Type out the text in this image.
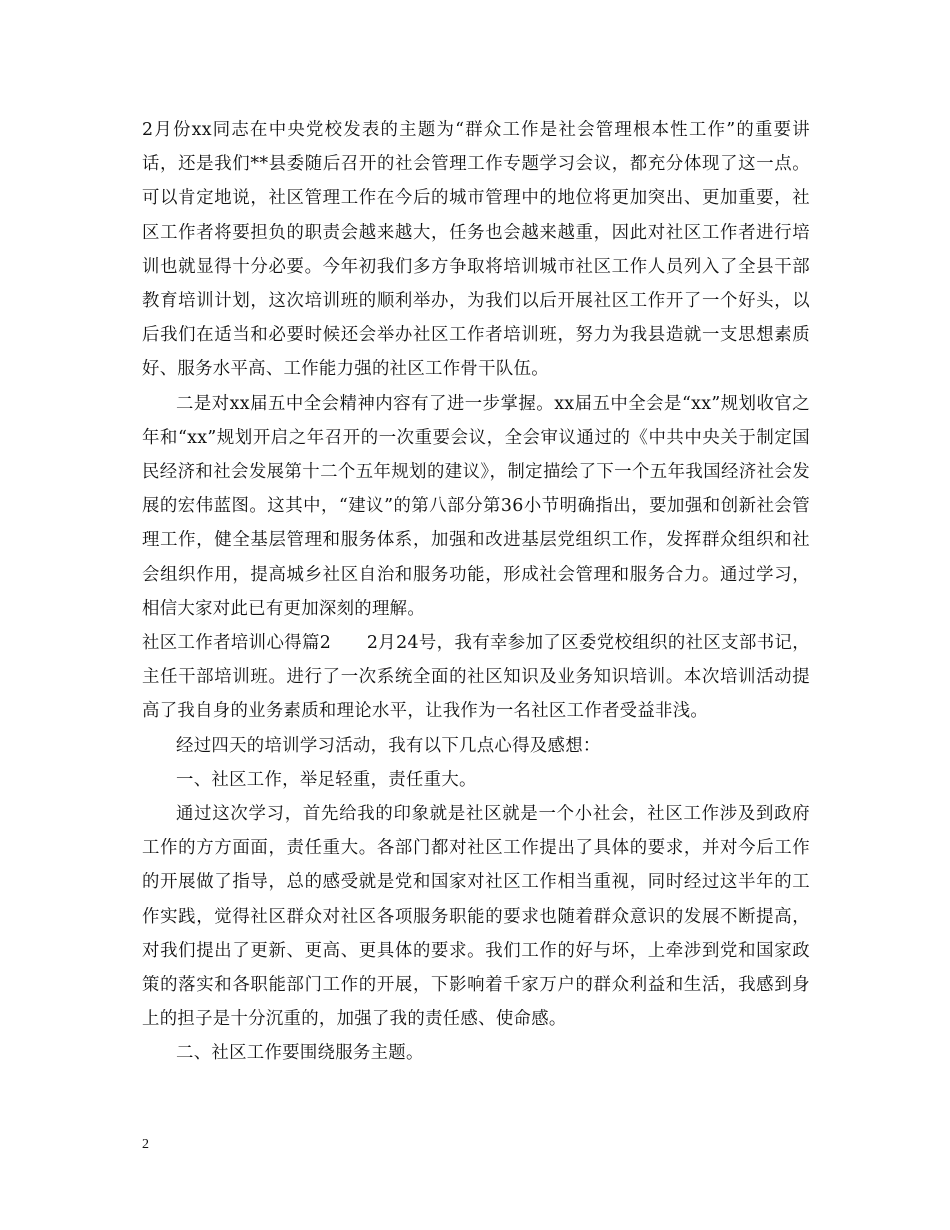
2月份xx同志在中央党校发表的主题为“群众工作是社会管理根本性工作”的重要讲话，还是我们**县委随后召开的社会管理工作专题学习会议，都充分体现了这一点。可以肯定地说，社区管理工作在今后的城市管理中的地位将更加突出、更加重要，社区工作者将要担负的职责会越来越大，任务也会越来越重，因此对社区工作者进行培训也就显得十分必要。今年初我们多方争取将培训城市社区工作人员列入了全县干部教育培训计划，这次培训班的顺利举办，为我们以后开展社区工作开了一个好头，以后我们在适当和必要时候还会举办社区工作者培训班，努力为我县造就一支思想素质好、服务水平高、工作能力强的社区工作骨干队伍。

二是对xx届五中全会精神内容有了进一步掌握。xx届五中全会是“xx”规划收官之年和“xx”规划开启之年召开的一次重要会议，全会审议通过的《中共中央关于制定国民经济和社会发展第十二个五年规划的建议》，制定描绘了下一个五年我国经济社会发展的宏伟蓝图。这其中，“建议”的第八部分第36小节明确指出，要加强和创新社会管理工作，健全基层管理和服务体系，加强和改进基层党组织工作，发挥群众组织和社会组织作用，提高城乡社区自治和服务功能，形成社会管理和服务合力。通过学习，相信大家对此已有更加深刻的理解。

社区工作者培训心得篇2　　 2月24号，我有幸参加了区委党校组织的社区支部书记，主任干部培训班。进行了一次系统全面的社区知识及业务知识培训。本次培训活动提高了我自身的业务素质和理论水平，让我作为一名社区工作者受益非浅。

经过四天的培训学习活动，我有以下几点心得及感想：

一、社区工作，举足轻重，责任重大。

通过这次学习，首先给我的印象就是社区就是一个小社会，社区工作涉及到政府工作的方方面面，责任重大。各部门都对社区工作提出了具体的要求，并对今后工作的开展做了指导，总的感受就是党和国家对社区工作相当重视，同时经过这半年的工作实践，觉得社区群众对社区各项服务职能的要求也随着群众意识的发展不断提高，对我们提出了更新、更高、更具体的要求。我们工作的好与坏，上牵涉到党和国家政策的落实和各职能部门工作的开展，下影响着千家万户的群众利益和生活，我感到身上的担子是十分沉重的，加强了我的责任感、使命感。

二、社区工作要围绕服务主题。

2
